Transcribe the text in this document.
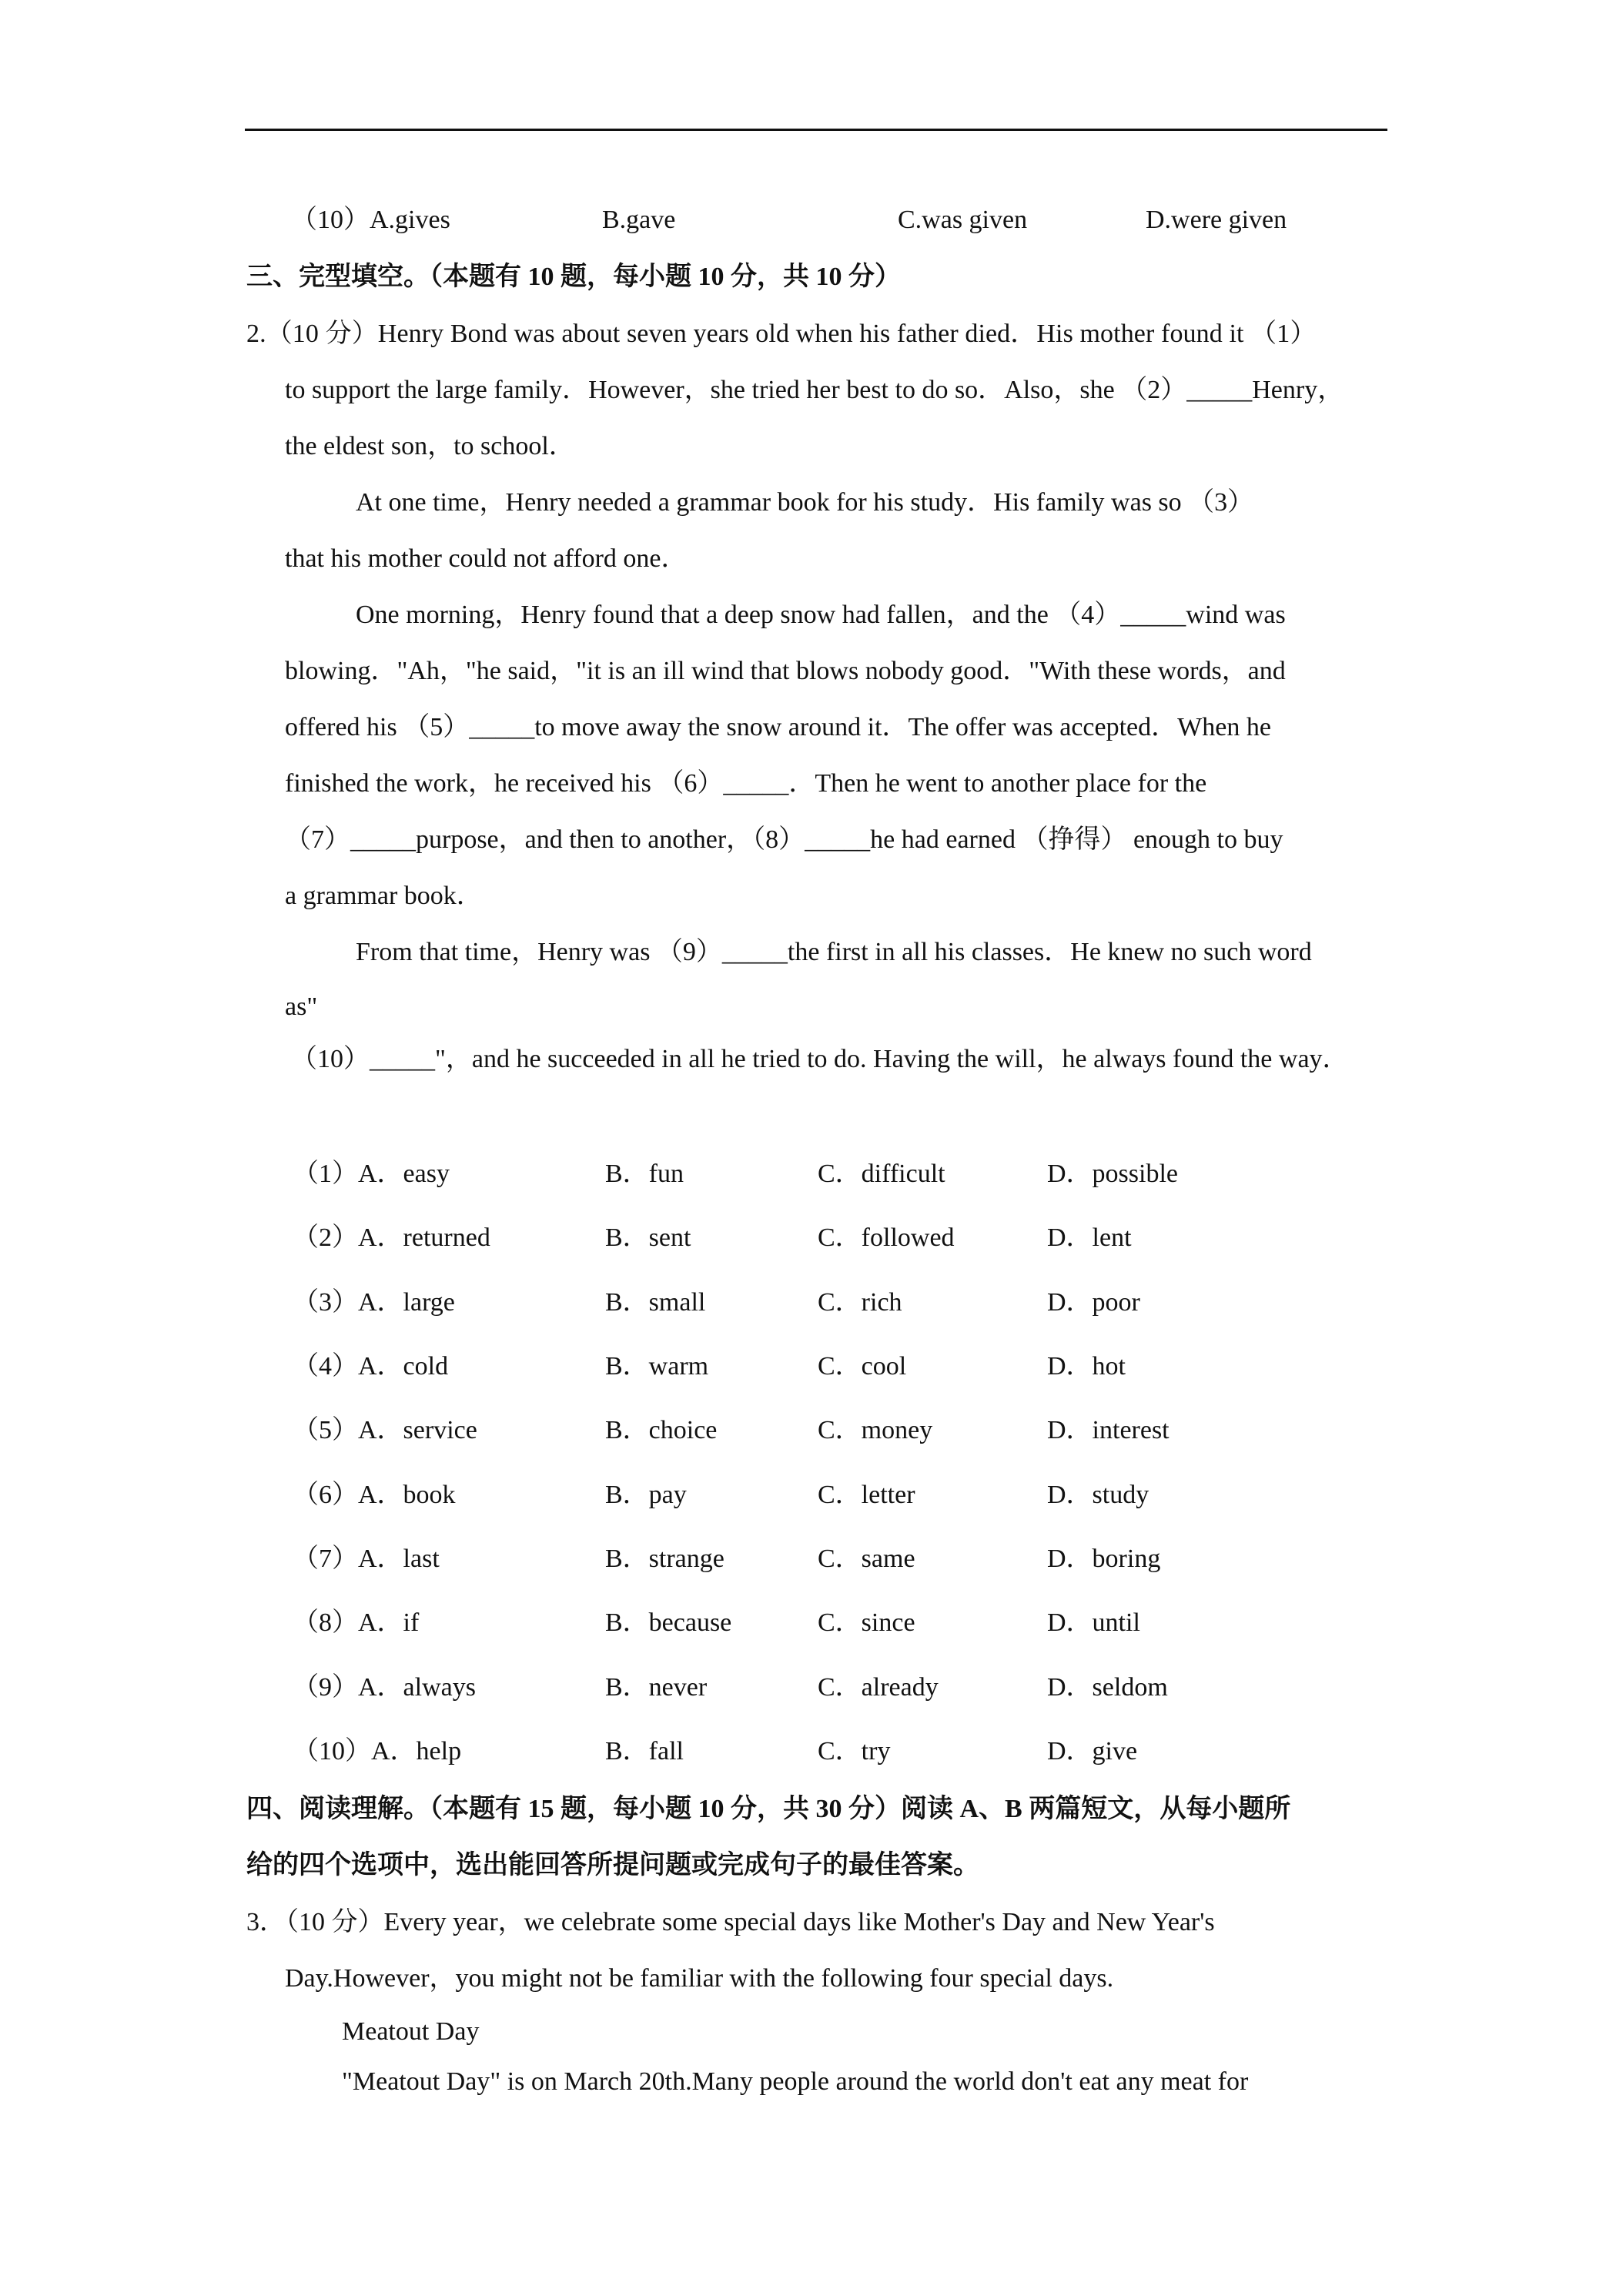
（10）A.gives	B.gave	C.was given	D.were given
三、完型填空。（本题有 10 题，每小题 10 分，共 10 分）
2.（10 分）Henry Bond was about seven years old when his father died．His mother found it （1）
to support the large family．However，she tried her best to do so．Also，she （2）_____Henry，
the eldest son，to school．
At one time，Henry needed a grammar book for his study．His family was so （3）
that his mother could not afford one．
One morning，Henry found that a deep snow had fallen，and the （4）_____wind was
blowing．"Ah，"he said，"it is an ill wind that blows nobody good．"With these words，and
offered his （5）_____to move away the snow around it．The offer was accepted．When he
finished the work，he received his （6）_____．Then he went to another place for the
（7）_____purpose，and then to another，（8）_____he had earned （挣得） enough to buy
a grammar book．
From that time，Henry was （9）_____the first in all his classes．He knew no such word
as"
（10）_____"，and he succeeded in all he tried to do. Having the will，he always found the way．
（1）A．easy	B．fun	C．difficult	D．possible
（2）A．returned	B．sent	C．followed	D．lent
（3）A．large	B．small	C．rich	D．poor
（4）A．cold	B．warm	C．cool	D．hot
（5）A．service	B．choice	C．money	D．interest
（6）A．book	B．pay	C．letter	D．study
（7）A．last	B．strange	C．same	D．boring
（8）A．if	B．because	C．since	D．until
（9）A．always	B．never	C．already	D．seldom
（10）A．help	B．fall	C．try	D．give
四、阅读理解。（本题有 15 题，每小题 10 分，共 30 分）阅读 A、B 两篇短文，从每小题所
给的四个选项中，选出能回答所提问题或完成句子的最佳答案。
3．（10 分）Every year，we celebrate some special days like Mother's Day and New Year's
Day.However，you might not be familiar with the following four special days.
Meatout Day
"Meatout Day" is on March 20th.Many people around the world don't eat any meat for
